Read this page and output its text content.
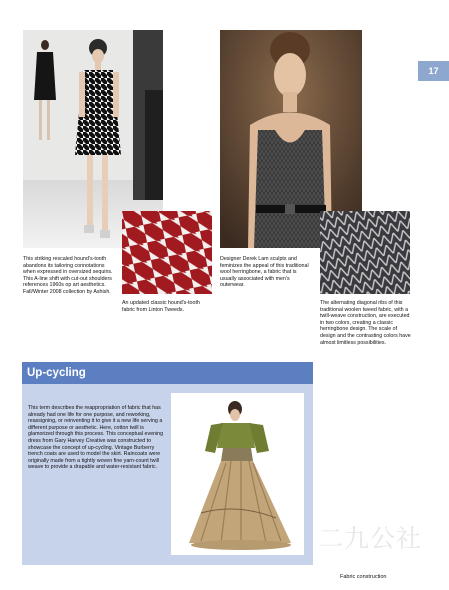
This striking rescaled hound's-tooth abandons its tailoring connotations when expressed in oversized sequins. This A-line shift with cut-out shoulders references 1960s op art aesthetics. Fall/Winter 2008 collection by Ashish.
An updated classic hound's-tooth fabric from Linton Tweeds.
Designer Derek Lam sculpts and feminizes the appeal of this traditional wool herringbone, a fabric that is usually associated with men's outerwear.
The alternating diagonal ribs of this traditional woolen tweed fabric, with a twill-weave construction, are executed in two colors, creating a classic herringbone design. The scale of design and the contrasting colors have almost limitless possibilities.
17
Up-cycling
This term describes the reappropriation of fabric that has already had one life for one purpose, and reworking, reassigning, or reinventing it to give it a new life serving a different purpose or aesthetic. Here, cotton twill is glamorized through this process. This conceptual evening dress from Gary Harvey Creative was constructed to showcase the concept of up-cycling. Vintage Burberry trench coats are used to model the skirt. Raincoats were originally made from a tightly woven fine yarn-count twill weave to provide a drapable and water-resistant fabric.
二九公社
Fabric construction
